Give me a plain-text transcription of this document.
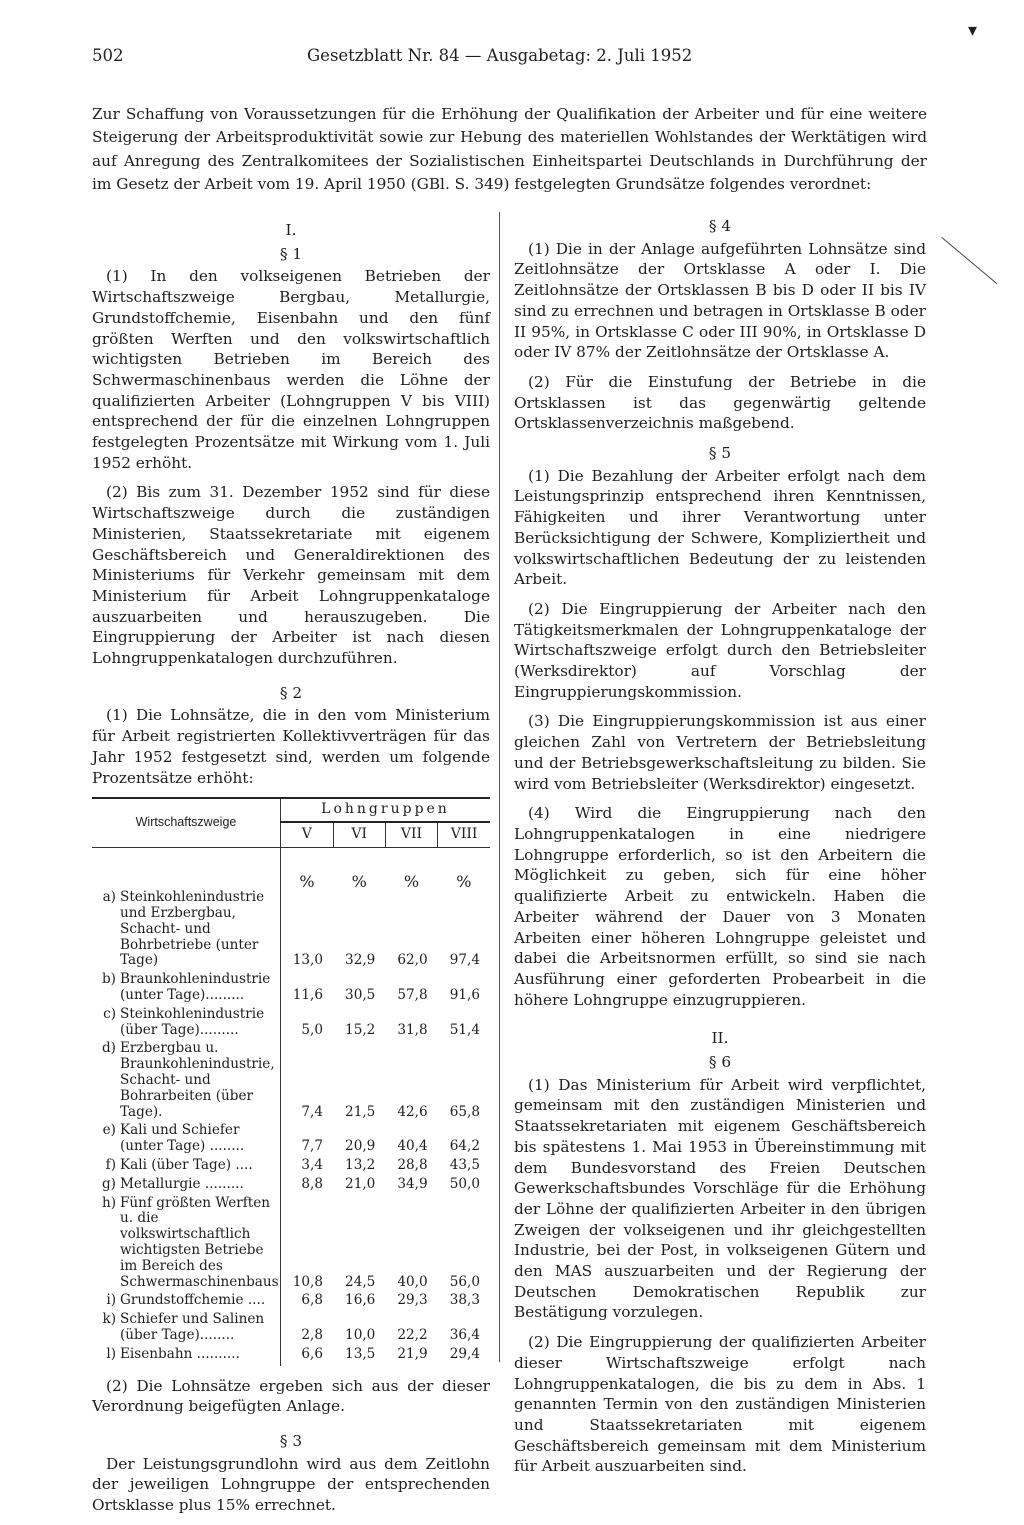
502	Gesetzblatt Nr. 84 — Ausgabetag: 2. Juli 1952
▾
Zur Schaffung von Voraussetzungen für die Erhöhung der Qualifikation der Arbeiter und für eine weitere Steigerung der Arbeitsproduktivität sowie zur Hebung des materiellen Wohlstandes der Werktätigen wird auf Anregung des Zentralkomitees der Sozialistischen Einheitspartei Deutschlands in Durchführung der im Gesetz der Arbeit vom 19. April 1950 (GBl. S. 349) festgelegten Grundsätze folgendes verordnet:
I.
§ 1

(1) In den volkseigenen Betrieben der Wirtschaftszweige Bergbau, Metallurgie, Grundstoffchemie, Eisenbahn und den fünf größten Werften und den volkswirtschaftlich wichtigsten Betrieben im Bereich des Schwermaschinenbaus werden die Löhne der qualifizierten Arbeiter (Lohngruppen V bis VIII) entsprechend der für die einzelnen Lohngruppen festgelegten Prozentsätze mit Wirkung vom 1. Juli 1952 erhöht.

(2) Bis zum 31. Dezember 1952 sind für diese Wirtschaftszweige durch die zuständigen Ministerien, Staatssekretariate mit eigenem Geschäftsbereich und Generaldirektionen des Ministeriums für Verkehr gemeinsam mit dem Ministerium für Arbeit Lohngruppenkataloge auszuarbeiten und herauszugeben. Die Eingruppierung der Arbeiter ist nach diesen Lohngruppenkatalogen durchzuführen.

§ 2

(1) Die Lohnsätze, die in den vom Ministerium für Arbeit registrierten Kollektivverträgen für das Jahr 1952 festgesetzt sind, werden um folgende Prozentsätze erhöht:

Wirtschaftszweige	Lohngruppen			
	V	VI	VII	VIII
	%	%	%	%

a) Steinkohlenindustrie und Erzbergbau, Schacht- und Bohrbetriebe (unter Tage)	13,0	32,9	62,0	97,4

b) Braunkohlenindustrie (unter Tage).........	11,6	30,5	57,8	91,6

c) Steinkohlenindustrie (über Tage).........	5,0	15,2	31,8	51,4

d) Erzbergbau u. Braunkohlenindustrie, Schacht- und Bohrarbeiten (über Tage).	7,4	21,5	42,6	65,8

e) Kali und Schiefer (unter Tage) ........	7,7	20,9	40,4	64,2

f) Kali (über Tage) ....	3,4	13,2	28,8	43,5

g) Metallurgie .........	8,8	21,0	34,9	50,0

h) Fünf größten Werften u. die volkswirtschaftlich wichtigsten Betriebe im Bereich des Schwermaschinenbaus	10,8	24,5	40,0	56,0

i) Grundstoffchemie ....	6,8	16,6	29,3	38,3

k) Schiefer und Salinen (über Tage)........	2,8	10,0	22,2	36,4

l) Eisenbahn ..........	6,6	13,5	21,9	29,4

(2) Die Lohnsätze ergeben sich aus der dieser Verordnung beigefügten Anlage.

§ 3

Der Leistungsgrundlohn wird aus dem Zeitlohn der jeweiligen Lohngruppe der entsprechenden Ortsklasse plus 15% errechnet.

§ 4

(1) Die in der Anlage aufgeführten Lohnsätze sind Zeitlohnsätze der Ortsklasse A oder I. Die Zeitlohnsätze der Ortsklassen B bis D oder II bis IV sind zu errechnen und betragen in Ortsklasse B oder II 95%, in Ortsklasse C oder III 90%, in Ortsklasse D oder IV 87% der Zeitlohnsätze der Ortsklasse A.

(2) Für die Einstufung der Betriebe in die Ortsklassen ist das gegenwärtig geltende Ortsklassenverzeichnis maßgebend.

§ 5

(1) Die Bezahlung der Arbeiter erfolgt nach dem Leistungsprinzip entsprechend ihren Kenntnissen, Fähigkeiten und ihrer Verantwortung unter Berücksichtigung der Schwere, Kompliziertheit und volkswirtschaftlichen Bedeutung der zu leistenden Arbeit.

(2) Die Eingruppierung der Arbeiter nach den Tätigkeitsmerkmalen der Lohngruppenkataloge der Wirtschaftszweige erfolgt durch den Betriebsleiter (Werksdirektor) auf Vorschlag der Eingruppierungskommission.

(3) Die Eingruppierungskommission ist aus einer gleichen Zahl von Vertretern der Betriebsleitung und der Betriebsgewerkschaftsleitung zu bilden. Sie wird vom Betriebsleiter (Werksdirektor) eingesetzt.

(4) Wird die Eingruppierung nach den Lohngruppenkatalogen in eine niedrigere Lohngruppe erforderlich, so ist den Arbeitern die Möglichkeit zu geben, sich für eine höher qualifizierte Arbeit zu entwickeln. Haben die Arbeiter während der Dauer von 3 Monaten Arbeiten einer höheren Lohngruppe geleistet und dabei die Arbeitsnormen erfüllt, so sind sie nach Ausführung einer geforderten Probearbeit in die höhere Lohngruppe einzugruppieren.

II.
§ 6

(1) Das Ministerium für Arbeit wird verpflichtet, gemeinsam mit den zuständigen Ministerien und Staatssekretariaten mit eigenem Geschäftsbereich bis spätestens 1. Mai 1953 in Übereinstimmung mit dem Bundesvorstand des Freien Deutschen Gewerkschaftsbundes Vorschläge für die Erhöhung der Löhne der qualifizierten Arbeiter in den übrigen Zweigen der volkseigenen und ihr gleichgestellten Industrie, bei der Post, in volkseigenen Gütern und den MAS auszuarbeiten und der Regierung der Deutschen Demokratischen Republik zur Bestätigung vorzulegen.

(2) Die Eingruppierung der qualifizierten Arbeiter dieser Wirtschaftszweige erfolgt nach Lohngruppenkatalogen, die bis zu dem in Abs. 1 genannten Termin von den zuständigen Ministerien und Staatssekretariaten mit eigenem Geschäftsbereich gemeinsam mit dem Ministerium für Arbeit auszuarbeiten sind.
